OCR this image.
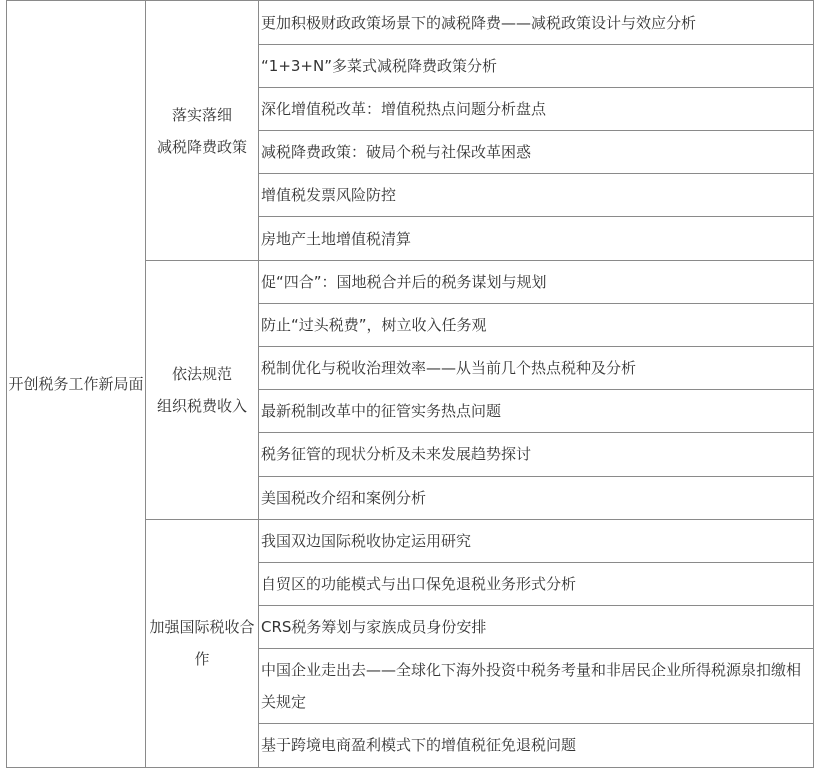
开创税务工作新局面	落实落细
减税降费政策	更加积极财政政策场景下的减税降费——减税政策设计与效应分析
		“1+3+N”多菜式减税降费政策分析
		深化增值税改革：增值税热点问题分析盘点
		减税降费政策：破局个税与社保改革困惑
		增值税发票风险防控
		房地产土地增值税清算

	依法规范
组织税费收入	促“四合”：国地税合并后的税务谋划与规划
		防止“过头税费”，树立收入任务观
		税制优化与税收治理效率——从当前几个热点税种及分析
		最新税制改革中的征管实务热点问题
		税务征管的现状分析及未来发展趋势探讨
		美国税改介绍和案例分析

	加强国际税收合作	我国双边国际税收协定运用研究
		自贸区的功能模式与出口保免退税业务形式分析
		CRS税务筹划与家族成员身份安排
		中国企业走出去——全球化下海外投资中税务考量和非居民企业所得税源泉扣缴相关规定
		基于跨境电商盈利模式下的增值税征免退税问题
